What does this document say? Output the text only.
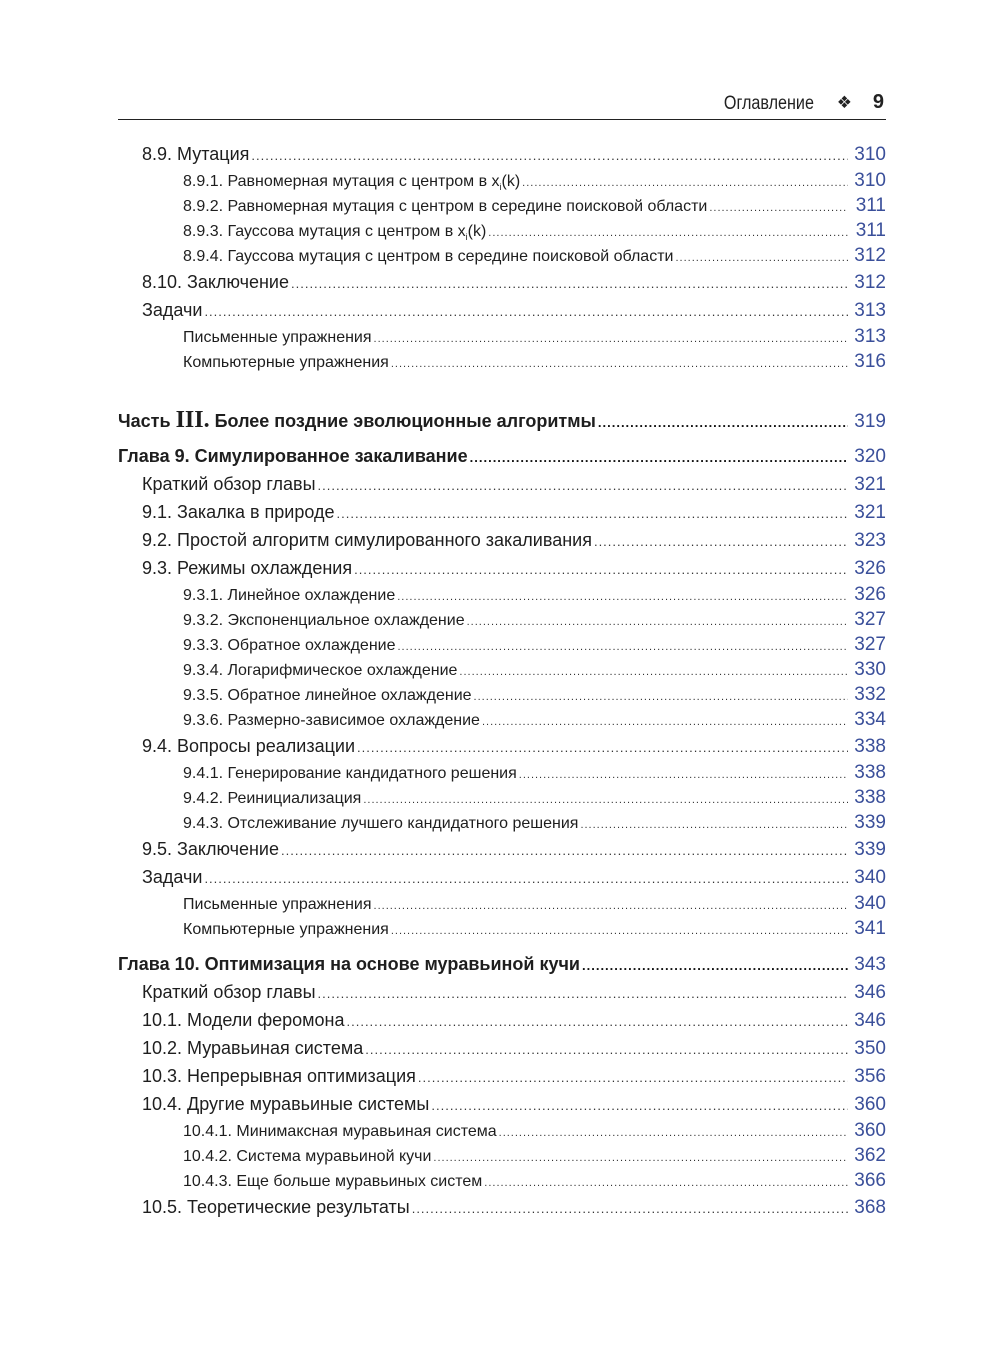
Оглавление ❖ 9
8.9. Мутация .....	310
8.9.1. Равномерная мутация с центром в $x_i(k)$ .....	310
8.9.2. Равномерная мутация с центром в середине поисковой области .....	311
8.9.3. Гауссова мутация с центром в $x_i(k)$ .....	311
8.9.4. Гауссова мутация с центром в середине поисковой области .....	312
8.10. Заключение .....	312
Задачи .....	313
Письменные упражнения .....	313
Компьютерные упражнения .....	316
Часть III. Более поздние эволюционные алгоритмы .....	319
Глава 9. Симулированное закаливание .....	320
Краткий обзор главы .....	321
9.1. Закалка в природе .....	321
9.2. Простой алгоритм симулированного закаливания .....	323
9.3. Режимы охлаждения .....	326
9.3.1. Линейное охлаждение .....	326
9.3.2. Экспоненциальное охлаждение .....	327
9.3.3. Обратное охлаждение .....	327
9.3.4. Логарифмическое охлаждение .....	330
9.3.5. Обратное линейное охлаждение .....	332
9.3.6. Размерно-зависимое охлаждение .....	334
9.4. Вопросы реализации .....	338
9.4.1. Генерирование кандидатного решения .....	338
9.4.2. Реинициализация .....	338
9.4.3. Отслеживание лучшего кандидатного решения .....	339
9.5. Заключение .....	339
Задачи .....	340
Письменные упражнения .....	340
Компьютерные упражнения .....	341
Глава 10. Оптимизация на основе муравьиной кучи .....	343
Краткий обзор главы .....	346
10.1. Модели феромона .....	346
10.2. Муравьиная система .....	350
10.3. Непрерывная оптимизация .....	356
10.4. Другие муравьиные системы .....	360
10.4.1. Минимаксная муравьиная система .....	360
10.4.2. Система муравьиной кучи .....	362
10.4.3. Еще больше муравьиных систем .....	366
10.5. Теоретические результаты .....	368
